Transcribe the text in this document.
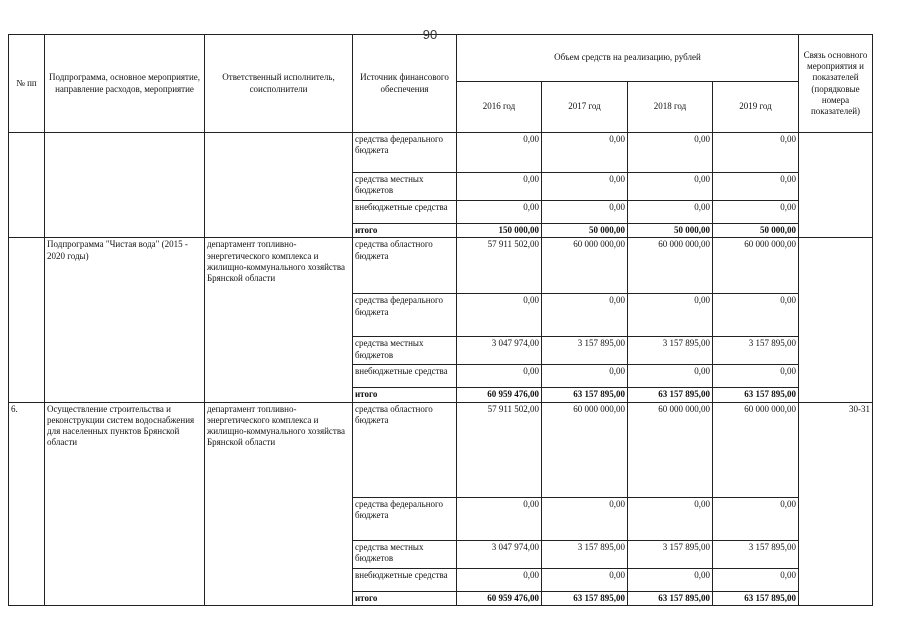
90
№ пп	Подпрограмма, основное мероприятие, направление расходов, мероприятие	Ответственный исполнитель, соисполнители	Источник финансового обеспечения	Объем средств на реализацию, рублей				Связь основного мероприятия и показателей (порядковые номера показателей)
				2016 год	2017 год	2018 год	2019 год	
			средства федерального бюджета	0,00	0,00	0,00	0,00	
			средства местных бюджетов	0,00	0,00	0,00	0,00	
			внебюджетные средства	0,00	0,00	0,00	0,00	
			итого	150 000,00	50 000,00	50 000,00	50 000,00	
	Подпрограмма "Чистая вода" (2015 - 2020 годы)	департамент топливно-энергетического комплекса и жилищно-коммунального хозяйства Брянской области	средства областного бюджета	57 911 502,00	60 000 000,00	60 000 000,00	60 000 000,00	
			средства федерального бюджета	0,00	0,00	0,00	0,00	
			средства местных бюджетов	3 047 974,00	3 157 895,00	3 157 895,00	3 157 895,00	
			внебюджетные средства	0,00	0,00	0,00	0,00	
			итого	60 959 476,00	63 157 895,00	63 157 895,00	63 157 895,00	
6.	Осуществление строительства и реконструкции систем водоснабжения для населенных пунктов Брянской области	департамент топливно-энергетического комплекса и жилищно-коммунального хозяйства Брянской области	средства областного бюджета	57 911 502,00	60 000 000,00	60 000 000,00	60 000 000,00	30-31
			средства федерального бюджета	0,00	0,00	0,00	0,00	
			средства местных бюджетов	3 047 974,00	3 157 895,00	3 157 895,00	3 157 895,00	
			внебюджетные средства	0,00	0,00	0,00	0,00	
			итого	60 959 476,00	63 157 895,00	63 157 895,00	63 157 895,00	
